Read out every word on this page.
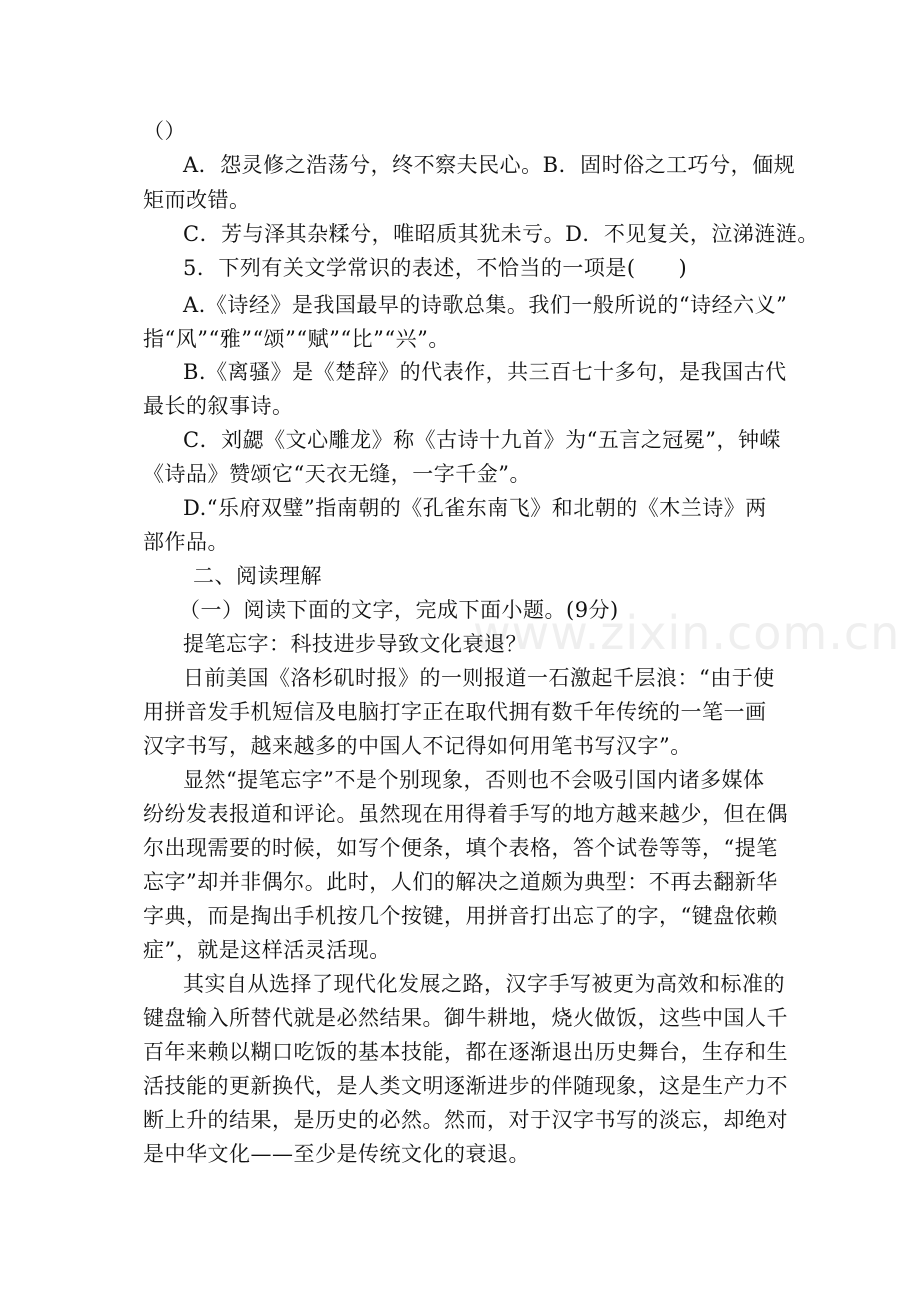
www.zixin.com.cn
（）
A．怨灵修之浩荡兮，终不察夫民心。B．固时俗之工巧兮，偭规
矩而改错。
C．芳与泽其杂糅兮，唯昭质其犹未亏。D．不见复关，泣涕涟涟。
5．下列有关文学常识的表述，不恰当的一项是(　　)
A.《诗经》是我国最早的诗歌总集。我们一般所说的“诗经六义”
指“风”“雅”“颂”“赋”“比”“兴”。
B.《离骚》是《楚辞》的代表作，共三百七十多句，是我国古代
最长的叙事诗。
C．刘勰《文心雕龙》称《古诗十九首》为“五言之冠冕”，钟嵘
《诗品》赞颂它“天衣无缝，一字千金”。
D.“乐府双璧”指南朝的《孔雀东南飞》和北朝的《木兰诗》两
部作品。
二、阅读理解
（一）阅读下面的文字，完成下面小题。(9分)
提笔忘字：科技进步导致文化衰退？
日前美国《洛杉矶时报》的一则报道一石激起千层浪：“由于使
用拼音发手机短信及电脑打字正在取代拥有数千年传统的一笔一画
汉字书写，越来越多的中国人不记得如何用笔书写汉字”。
显然“提笔忘字”不是个别现象，否则也不会吸引国内诸多媒体
纷纷发表报道和评论。虽然现在用得着手写的地方越来越少，但在偶
尔出现需要的时候，如写个便条，填个表格，答个试卷等等，“提笔
忘字”却并非偶尔。此时，人们的解决之道颇为典型：不再去翻新华
字典，而是掏出手机按几个按键，用拼音打出忘了的字，“键盘依赖
症”，就是这样活灵活现。
其实自从选择了现代化发展之路，汉字手写被更为高效和标准的
键盘输入所替代就是必然结果。御牛耕地，烧火做饭，这些中国人千
百年来赖以糊口吃饭的基本技能，都在逐渐退出历史舞台，生存和生
活技能的更新换代，是人类文明逐渐进步的伴随现象，这是生产力不
断上升的结果，是历史的必然。然而，对于汉字书写的淡忘，却绝对
是中华文化——至少是传统文化的衰退。
